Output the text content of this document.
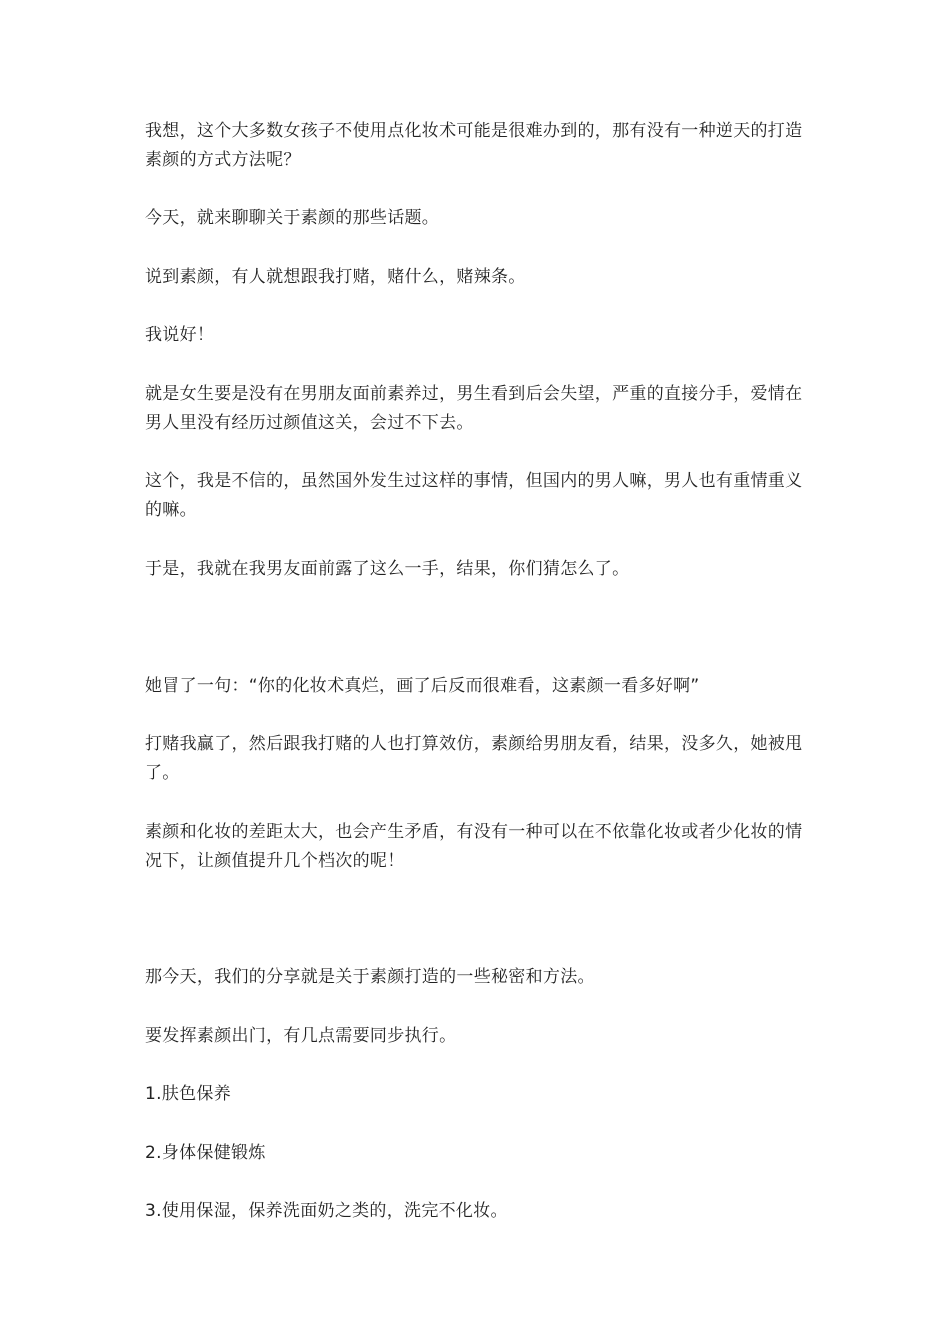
我想，这个大多数女孩子不使用点化妆术可能是很难办到的，那有没有一种逆天的打造素颜的方式方法呢？

今天，就来聊聊关于素颜的那些话题。

说到素颜，有人就想跟我打赌，赌什么，赌辣条。

我说好！

就是女生要是没有在男朋友面前素养过，男生看到后会失望，严重的直接分手，爱情在男人里没有经历过颜值这关，会过不下去。

这个，我是不信的，虽然国外发生过这样的事情，但国内的男人嘛，男人也有重情重义的嘛。

于是，我就在我男友面前露了这么一手，结果，你们猜怎么了。

她冒了一句：“你的化妆术真烂，画了后反而很难看，这素颜一看多好啊”

打赌我赢了，然后跟我打赌的人也打算效仿，素颜给男朋友看，结果，没多久，她被甩了。

素颜和化妆的差距太大，也会产生矛盾，有没有一种可以在不依靠化妆或者少化妆的情况下，让颜值提升几个档次的呢！

那今天，我们的分享就是关于素颜打造的一些秘密和方法。

要发挥素颜出门，有几点需要同步执行。

1.肤色保养

2.身体保健锻炼

3.使用保湿，保养洗面奶之类的，洗完不化妆。
